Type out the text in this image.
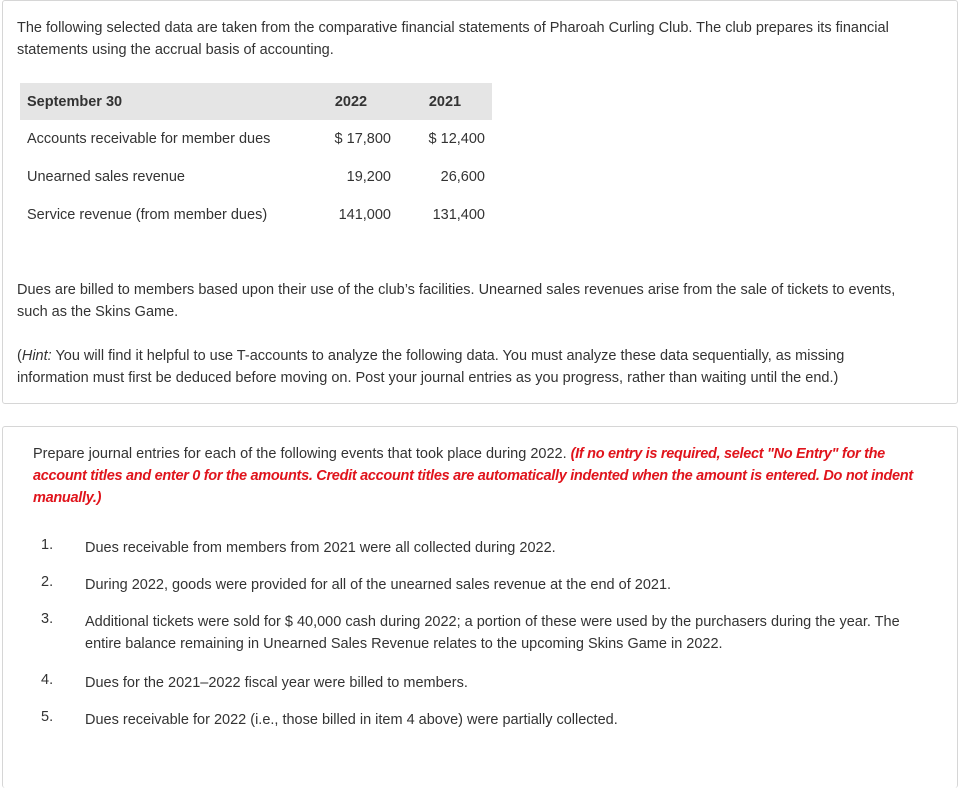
The following selected data are taken from the comparative financial statements of Pharoah Curling Club. The club prepares its financial statements using the accrual basis of accounting.

September 30	2022	2021
Accounts receivable for member dues	$ 17,800	$ 12,400
Unearned sales revenue	19,200	26,600
Service revenue (from member dues)	141,000	131,400

Dues are billed to members based upon their use of the club’s facilities. Unearned sales revenues arise from the sale of tickets to events, such as the Skins Game.

(Hint: You will find it helpful to use T-accounts to analyze the following data. You must analyze these data sequentially, as missing information must first be deduced before moving on. Post your journal entries as you progress, rather than waiting until the end.)

Prepare journal entries for each of the following events that took place during 2022. (If no entry is required, select "No Entry" for the account titles and enter 0 for the amounts. Credit account titles are automatically indented when the amount is entered. Do not indent manually.)

1.	Dues receivable from members from 2021 were all collected during 2022.
2.	During 2022, goods were provided for all of the unearned sales revenue at the end of 2021.
3.	Additional tickets were sold for $ 40,000 cash during 2022; a portion of these were used by the purchasers during the year. The entire balance remaining in Unearned Sales Revenue relates to the upcoming Skins Game in 2022.
4.	Dues for the 2021–2022 fiscal year were billed to members.
5.	Dues receivable for 2022 (i.e., those billed in item 4 above) were partially collected.
